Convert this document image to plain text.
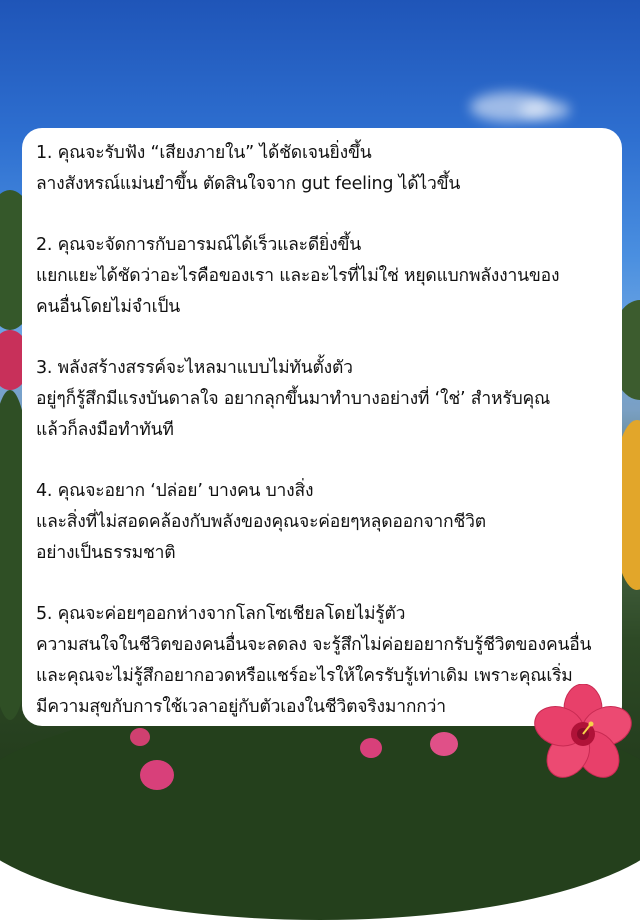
1. คุณจะรับฟัง “เสียงภายใน” ได้ชัดเจนยิ่งขึ้น

ลางสังหรณ์แม่นยำขึ้น ตัดสินใจจาก gut feeling ได้ไวขึ้น

2. คุณจะจัดการกับอารมณ์ได้เร็วและดียิ่งขึ้น

แยกแยะได้ชัดว่าอะไรคือของเรา และอะไรที่ไม่ใช่ หยุดแบกพลังงานของ

คนอื่นโดยไม่จำเป็น

3. พลังสร้างสรรค์จะไหลมาแบบไม่ทันตั้งตัว

อยู่ๆก็รู้สึกมีแรงบันดาลใจ อยากลุกขึ้นมาทำบางอย่างที่ ‘ใช่’ สำหรับคุณ

แล้วก็ลงมือทำทันที

4. คุณจะอยาก ‘ปล่อย’ บางคน บางสิ่ง

และสิ่งที่ไม่สอดคล้องกับพลังของคุณจะค่อยๆหลุดออกจากชีวิต

อย่างเป็นธรรมชาติ

5. คุณจะค่อยๆออกห่างจากโลกโซเชียลโดยไม่รู้ตัว

ความสนใจในชีวิตของคนอื่นจะลดลง จะรู้สึกไม่ค่อยอยากรับรู้ชีวิตของคนอื่น

และคุณจะไม่รู้สึกอยากอวดหรือแชร์อะไรให้ใครรับรู้เท่าเดิม เพราะคุณเริ่ม

มีความสุขกับการใช้เวลาอยู่กับตัวเองในชีวิตจริงมากกว่า
